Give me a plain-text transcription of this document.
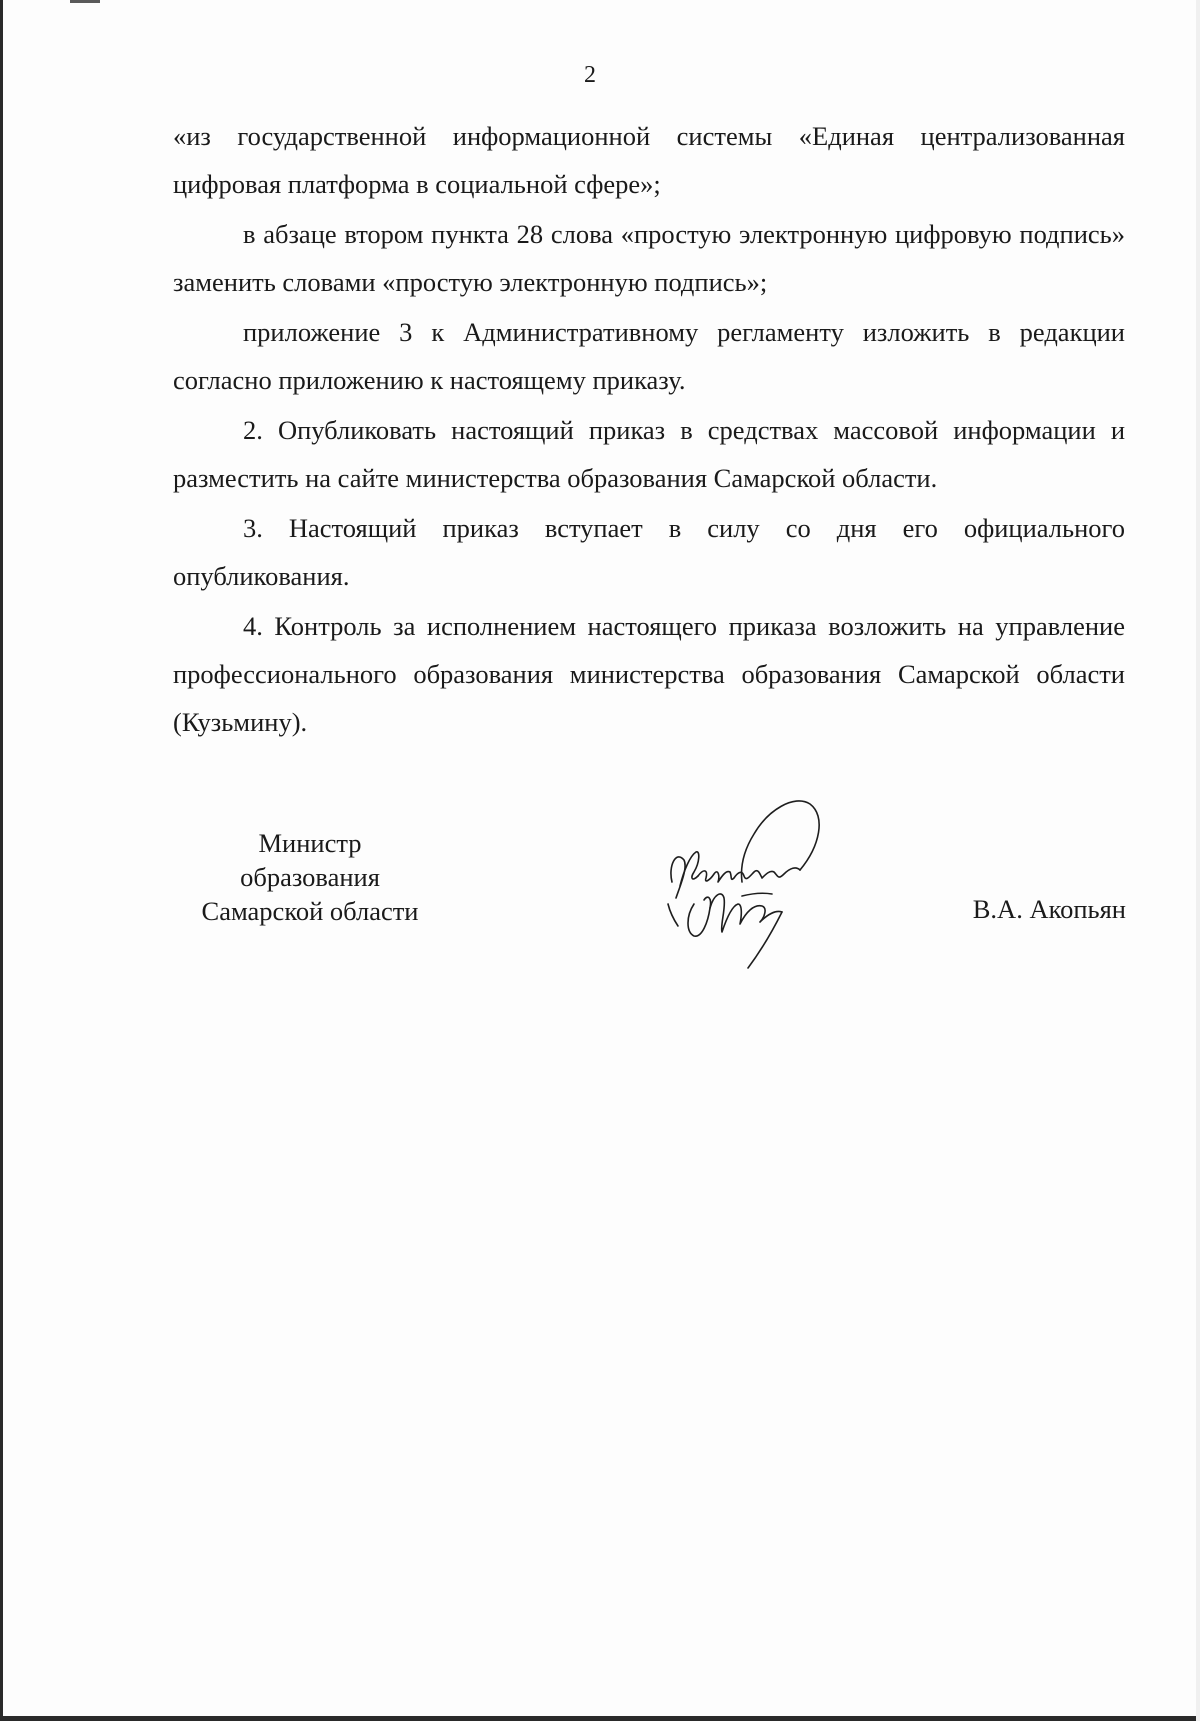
2

«из государственной информационной системы «Единая централизованная цифровая платформа в социальной сфере»;

в абзаце втором пункта 28 слова «простую электронную цифровую подпись» заменить словами «простую электронную подпись»;

приложение 3 к Административному регламенту изложить в редакции согласно приложению к настоящему приказу.

2. Опубликовать настоящий приказ в средствах массовой информации и разместить на сайте министерства образования Самарской области.

3. Настоящий приказ вступает в силу со дня его официального опубликования.

4. Контроль за исполнением настоящего приказа возложить на управление профессионального образования министерства образования Самарской области (Кузьмину).

Министр
образования
Самарской области	В.А. Акопьян
